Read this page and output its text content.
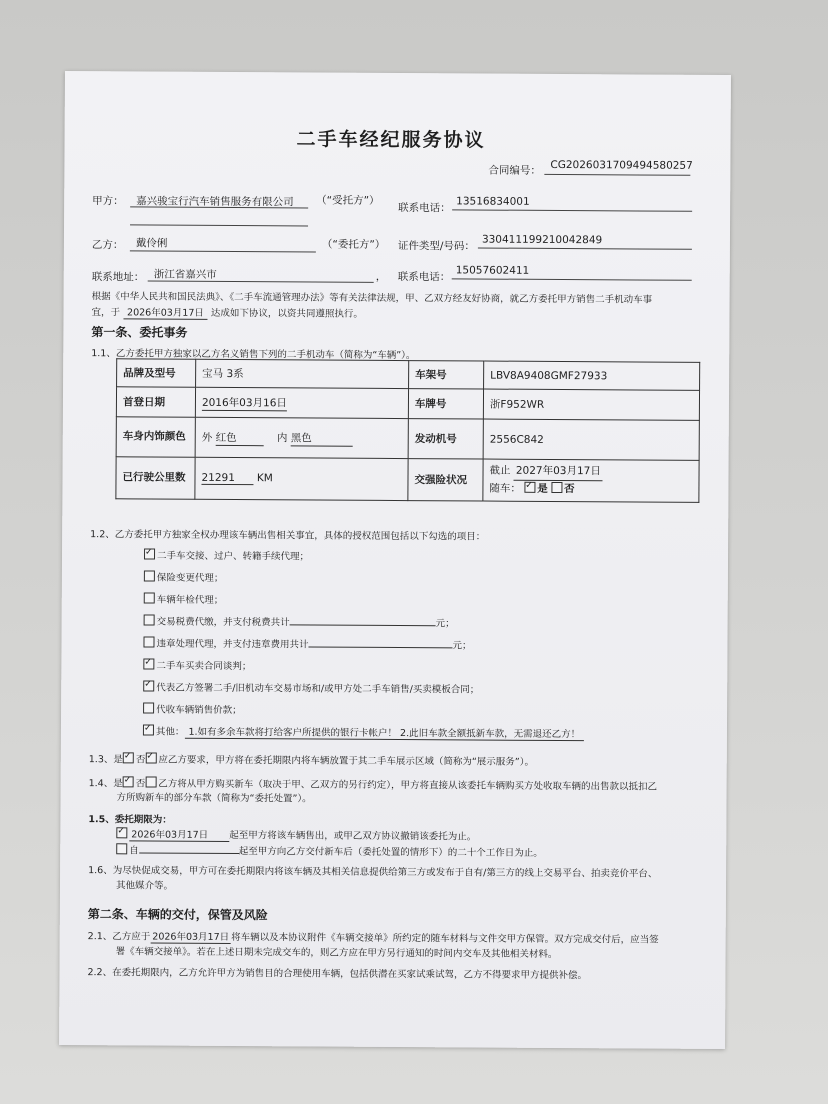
二手车经纪服务协议
合同编号： CG2026031709494580257
甲方： 嘉兴骏宝行汽车销售服务有限公司	（“受托方”）
联系电话：
13516834001
乙方： 戴伶俐	（“委托方”） 证件类型/号码： 330411199210042849
联系地址： 浙江省嘉兴市	， 联系电话：
15057602411
根据《中华人民共和国民法典》、《二手车流通管理办法》等有关法律法规，甲、乙双方经友好协商，就乙方委托甲方销售二手机动车事
宜，于 2026年03月17日 达成如下协议，以资共同遵照执行。
第一条、委托事务
1.1、乙方委托甲方独家以乙方名义销售下列的二手机动车（简称为“车辆”）。
品牌及型号	宝马 3系	车架号	LBV8A9408GMF27933
首登日期	2016年03月16日	车牌号	浙F952WR
车身内饰颜色	外 红色 内 黑色	发动机号	2556C842
已行驶公里数	21291 KM	交强险状况	截止 2027年03月17日
随车： ✓ 是 否
1.2、乙方委托甲方独家全权办理该车辆出售相关事宜，具体的授权范围包括以下勾选的项目：
✓二手车交接、过户、转籍手续代理；
保险变更代理；
车辆年检代理；
交易税费代缴，并支付税费共计	元；
违章处理代理，并支付违章费用共计	元；
✓二手车买卖合同谈判；
✓代表乙方签署二手/旧机动车交易市场和/或甲方处二手车销售/买卖模板合同；
代收车辆销售价款；
✓其他： 1.如有多余车款将打给客户所提供的银行卡帐户！ 2.此旧车款全额抵新车款，无需退还乙方！
1.3、是 ✓ 否 ✓ 应乙方要求，甲方将在委托期限内将车辆放置于其二手车展示区域（简称为“展示服务”）。
1.4、是 ✓ 否 乙方将从甲方购买新车（取决于甲、乙双方的另行约定），甲方将直接从该委托车辆购买方处收取车辆的出售款以抵扣乙
方所购新车的部分车款（简称为“委托处置”）。
1.5、委托期限为：
✓2026年03月17日 起至甲方将该车辆售出，或甲乙双方协议撤销该委托为止。
自	起至甲方向乙方交付新车后（委托处置的情形下）的二十个工作日为止。
1.6、为尽快促成交易，甲方可在委托期限内将该车辆及其相关信息提供给第三方或发布于自有/第三方的线上交易平台、拍卖竞价平台、
其他媒介等。
第二条、车辆的交付，保管及风险
2.1、乙方应于 2026年03月17日 将车辆以及本协议附件《车辆交接单》所约定的随车材料与文件交甲方保管。双方完成交付后，应当签
署《车辆交接单》。若在上述日期未完成交车的，则乙方应在甲方另行通知的时间内交车及其他相关材料。
2.2、在委托期限内，乙方允许甲方为销售目的合理使用车辆，包括供潜在买家试乘试驾，乙方不得要求甲方提供补偿。
